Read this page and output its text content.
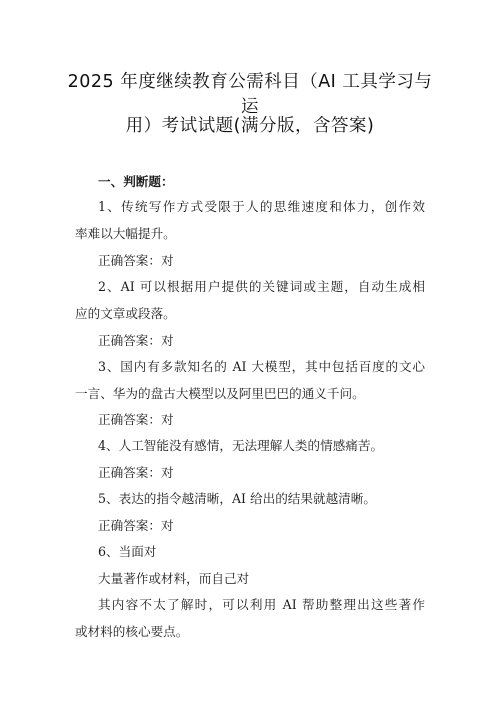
2025 年度继续教育公需科目（AI 工具学习与运
用）考试试题(满分版，含答案)
一、判断题：
1、传统写作方式受限于人的思维速度和体力，创作效
率难以大幅提升。
正确答案：对
2、AI 可以根据用户提供的关键词或主题，自动生成相
应的文章或段落。
正确答案：对
3、国内有多款知名的 AI 大模型，其中包括百度的文心
一言、华为的盘古大模型以及阿里巴巴的通义千问。
正确答案：对
4、人工智能没有感情，无法理解人类的情感痛苦。
正确答案：对
5、表达的指令越清晰，AI 给出的结果就越清晰。
正确答案：对
6、当面对
大量著作或材料，而自己对
其内容不太了解时，可以利用 AI 帮助整理出这些著作
或材料的核心要点。
